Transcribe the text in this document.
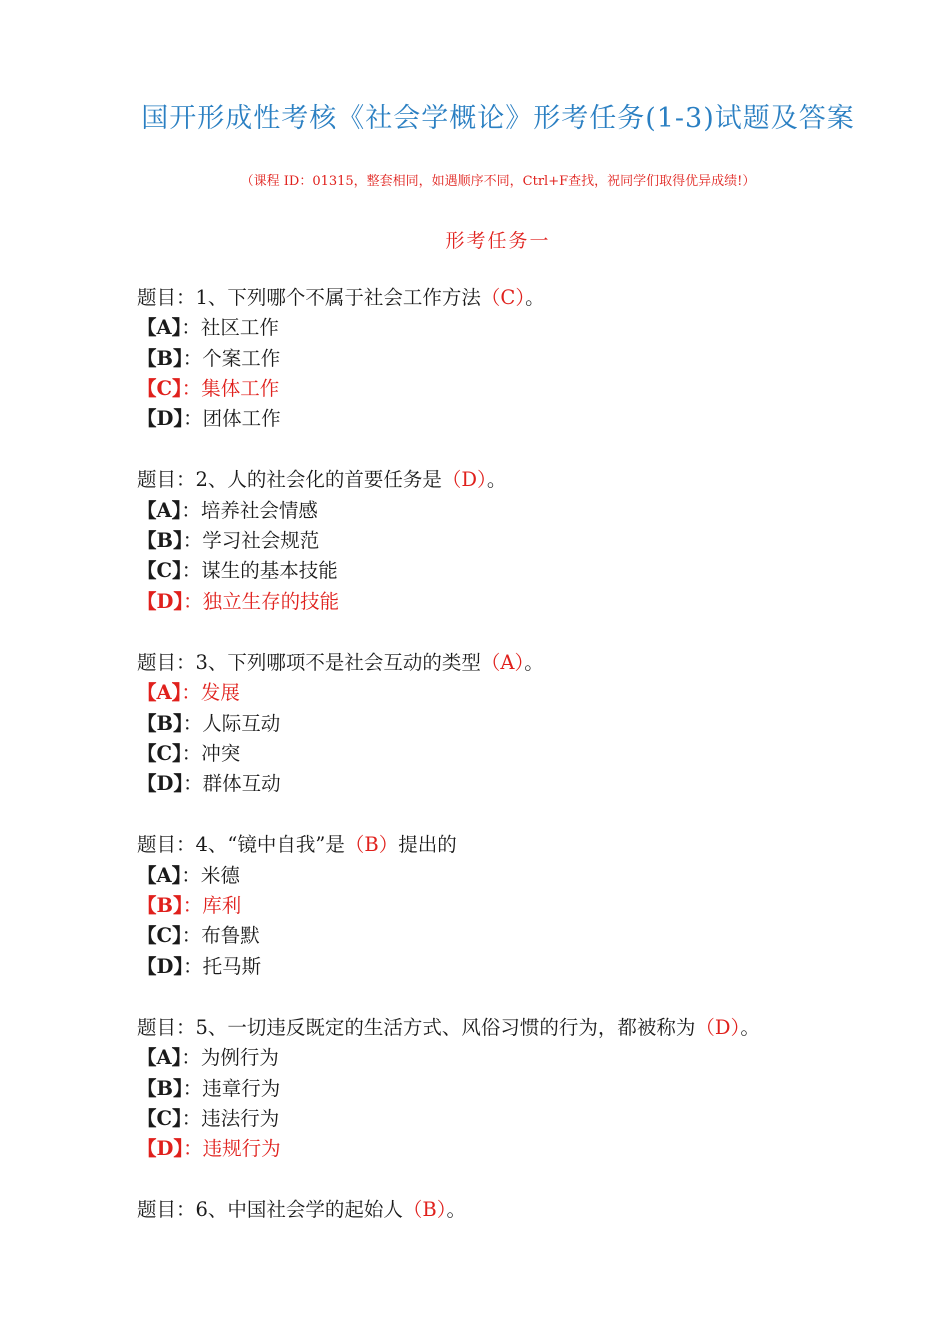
国开形成性考核《社会学概论》形考任务(1-3)试题及答案
（课程 ID：01315，整套相同，如遇顺序不同，Ctrl+F查找，祝同学们取得优异成绩!）
形考任务一
题目：1、下列哪个不属于社会工作方法（C）。
【A】：社区工作
【B】：个案工作
【C】：集体工作
【D】：团体工作
题目：2、人的社会化的首要任务是（D）。
【A】：培养社会情感
【B】：学习社会规范
【C】：谋生的基本技能
【D】：独立生存的技能
题目：3、下列哪项不是社会互动的类型（A）。
【A】：发展
【B】：人际互动
【C】：冲突
【D】：群体互动
题目：4、“镜中自我”是（B）提出的
【A】：米德
【B】：库利
【C】：布鲁默
【D】：托马斯
题目：5、一切违反既定的生活方式、风俗习惯的行为，都被称为（D）。
【A】：为例行为
【B】：违章行为
【C】：违法行为
【D】：违规行为
题目：6、中国社会学的起始人（B）。
